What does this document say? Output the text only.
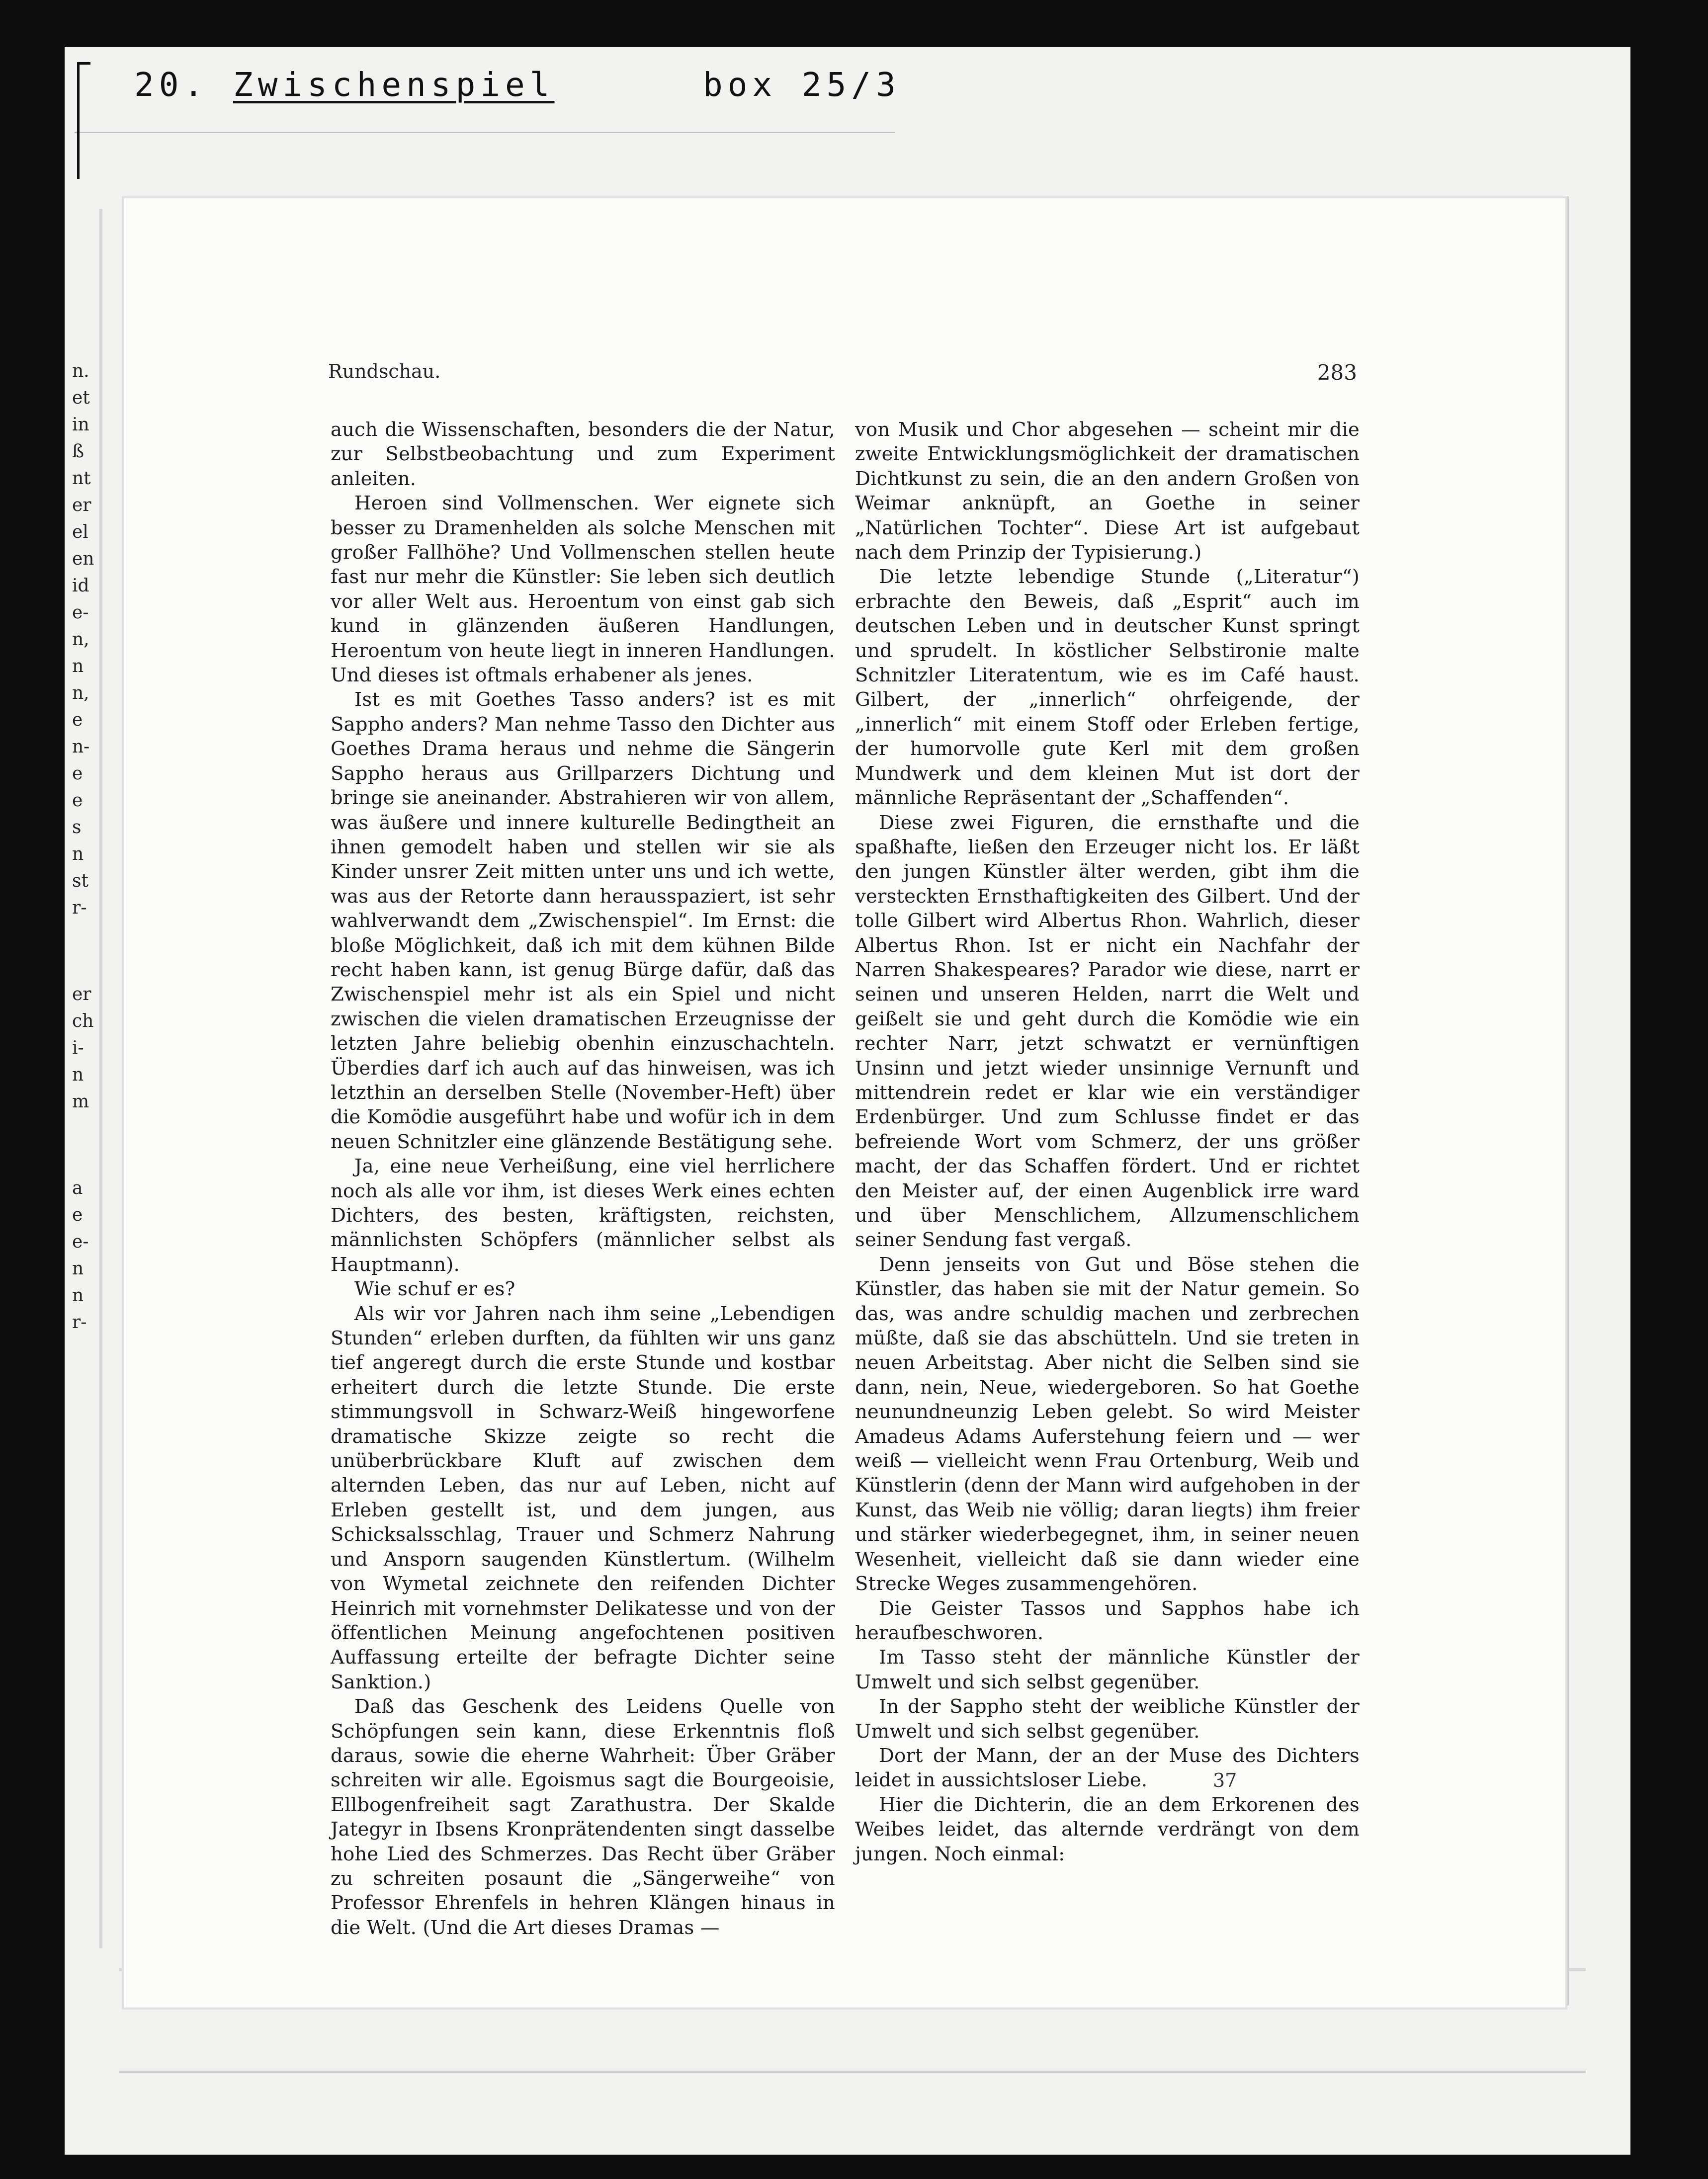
20. Zwischenspiel	box 25/3
n.
et
in
ß
nt
er
el
en
id
e-
n,
n
n,
e
n-
e
e
s
n
st
r-
er
ch
i-
n
m
a
e
e-
n
n
r-
Rundschau.	283

auch die Wissenschaften, besonders die der Natur, zur Selbstbeobachtung und zum Experiment anleiten.

Heroen sind Vollmenschen. Wer eignete sich besser zu Dramenhelden als solche Menschen mit großer Fallhöhe? Und Vollmenschen stellen heute fast nur mehr die Künstler: Sie leben sich deutlich vor aller Welt aus. Heroentum von einst gab sich kund in glänzenden äußeren Handlungen, Heroentum von heute liegt in inneren Handlungen. Und dieses ist oftmals erhabener als jenes.

Ist es mit Goethes Tasso anders? ist es mit Sappho anders? Man nehme Tasso den Dichter aus Goethes Drama heraus und nehme die Sängerin Sappho heraus aus Grillparzers Dichtung und bringe sie aneinander. Abstrahieren wir von allem, was äußere und innere kulturelle Bedingtheit an ihnen gemodelt haben und stellen wir sie als Kinder unsrer Zeit mitten unter uns und ich wette, was aus der Retorte dann herausspaziert, ist sehr wahlverwandt dem „Zwischenspiel“. Im Ernst: die bloße Möglichkeit, daß ich mit dem kühnen Bilde recht haben kann, ist genug Bürge dafür, daß das Zwischenspiel mehr ist als ein Spiel und nicht zwischen die vielen dramatischen Erzeugnisse der letzten Jahre beliebig obenhin einzuschachteln. Überdies darf ich auch auf das hinweisen, was ich letzthin an derselben Stelle (November-Heft) über die Komödie ausgeführt habe und wofür ich in dem neuen Schnitzler eine glänzende Bestätigung sehe.

Ja, eine neue Verheißung, eine viel herrlichere noch als alle vor ihm, ist dieses Werk eines echten Dichters, des besten, kräftigsten, reichsten, männlichsten Schöpfers (männlicher selbst als Hauptmann).

Wie schuf er es?

Als wir vor Jahren nach ihm seine „Lebendigen Stunden“ erleben durften, da fühlten wir uns ganz tief angeregt durch die erste Stunde und kostbar erheitert durch die letzte Stunde. Die erste stimmungsvoll in Schwarz-Weiß hingeworfene dramatische Skizze zeigte so recht die unüberbrückbare Kluft auf zwischen dem alternden Leben, das nur auf Leben, nicht auf Erleben gestellt ist, und dem jungen, aus Schicksalsschlag, Trauer und Schmerz Nahrung und Ansporn saugenden Künstlertum. (Wilhelm von Wymetal zeichnete den reifenden Dichter Heinrich mit vornehmster Delikatesse und von der öffentlichen Meinung angefochtenen positiven Auffassung erteilte der befragte Dichter seine Sanktion.)

Daß das Geschenk des Leidens Quelle von Schöpfungen sein kann, diese Erkenntnis floß daraus, sowie die eherne Wahrheit: Über Gräber schreiten wir alle. Egoismus sagt die Bourgeoisie, Ellbogenfreiheit sagt Zarathustra. Der Skalde Jategyr in Ibsens Kronprätendenten singt dasselbe hohe Lied des Schmerzes. Das Recht über Gräber zu schreiten posaunt die „Sängerweihe“ von Professor Ehrenfels in hehren Klängen hinaus in die Welt. (Und die Art dieses Dramas —

von Musik und Chor abgesehen — scheint mir die zweite Entwicklungsmöglichkeit der dramatischen Dichtkunst zu sein, die an den andern Großen von Weimar anknüpft, an Goethe in seiner „Natürlichen Tochter“. Diese Art ist aufgebaut nach dem Prinzip der Typisierung.)

Die letzte lebendige Stunde („Literatur“) erbrachte den Beweis, daß „Esprit“ auch im deutschen Leben und in deutscher Kunst springt und sprudelt. In köstlicher Selbstironie malte Schnitzler Literatentum, wie es im Café haust. Gilbert, der „innerlich“ ohrfeigende, der „innerlich“ mit einem Stoff oder Erleben fertige, der humorvolle gute Kerl mit dem großen Mundwerk und dem kleinen Mut ist dort der männliche Repräsentant der „Schaffenden“.

Diese zwei Figuren, die ernsthafte und die spaßhafte, ließen den Erzeuger nicht los. Er läßt den jungen Künstler älter werden, gibt ihm die versteckten Ernsthaftigkeiten des Gilbert. Und der tolle Gilbert wird Albertus Rhon. Wahrlich, dieser Albertus Rhon. Ist er nicht ein Nachfahr der Narren Shakespeares? Parador wie diese, narrt er seinen und unseren Helden, narrt die Welt und geißelt sie und geht durch die Komödie wie ein rechter Narr, jetzt schwatzt er vernünftigen Unsinn und jetzt wieder unsinnige Vernunft und mittendrein redet er klar wie ein verständiger Erdenbürger. Und zum Schlusse findet er das befreiende Wort vom Schmerz, der uns größer macht, der das Schaffen fördert. Und er richtet den Meister auf, der einen Augenblick irre ward und über Menschlichem, Allzumenschlichem seiner Sendung fast vergaß.

Denn jenseits von Gut und Böse stehen die Künstler, das haben sie mit der Natur gemein. So das, was andre schuldig machen und zerbrechen müßte, daß sie das abschütteln. Und sie treten in neuen Arbeitstag. Aber nicht die Selben sind sie dann, nein, Neue, wiedergeboren. So hat Goethe neunundneunzig Leben gelebt. So wird Meister Amadeus Adams Auferstehung feiern und — wer weiß — vielleicht wenn Frau Ortenburg, Weib und Künstlerin (denn der Mann wird aufgehoben in der Kunst, das Weib nie völlig; daran liegts) ihm freier und stärker wiederbegegnet, ihm, in seiner neuen Wesenheit, vielleicht daß sie dann wieder eine Strecke Weges zusammengehören.

Die Geister Tassos und Sapphos habe ich heraufbeschworen.

Im Tasso steht der männliche Künstler der Umwelt und sich selbst gegenüber.

In der Sappho steht der weibliche Künstler der Umwelt und sich selbst gegenüber.

Dort der Mann, der an der Muse des Dichters leidet in aussichtsloser Liebe.

Hier die Dichterin, die an dem Erkorenen des Weibes leidet, das alternde verdrängt von dem jungen. Noch einmal:

37
